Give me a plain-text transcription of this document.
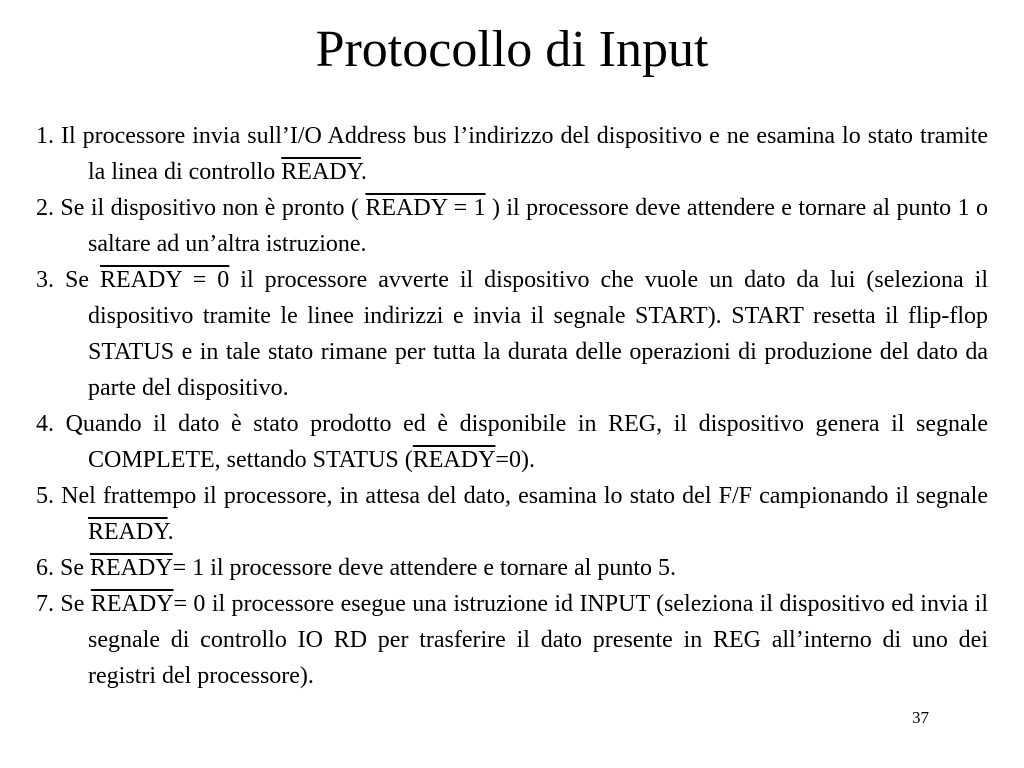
Protocollo di Input

1. Il processore invia sull’I/O Address bus l’indirizzo del dispositivo e ne esamina lo stato tramite la linea di controllo READY.

2. Se il dispositivo non è pronto ( READY = 1 ) il processore deve attendere e tornare al punto 1 o saltare ad un’altra istruzione.

3. Se READY = 0 il processore avverte il dispositivo che vuole un dato da lui (seleziona il dispositivo tramite le linee indirizzi e invia il segnale START). START resetta il flip-flop STATUS e in tale stato rimane per tutta la durata delle operazioni di produzione del dato da parte del dispositivo.

4. Quando il dato è stato prodotto ed è disponibile in REG, il dispositivo genera il segnale COMPLETE, settando STATUS (READY=0).

5. Nel frattempo il processore, in attesa del dato, esamina lo stato del F/F campionando il segnale READY.

6. Se READY= 1 il processore deve attendere e tornare al punto 5.

7. Se READY= 0 il processore esegue una istruzione id INPUT (seleziona il dispositivo ed invia il segnale di controllo IO RD per trasferire il dato presente in REG all’interno di uno dei registri del processore).

37
